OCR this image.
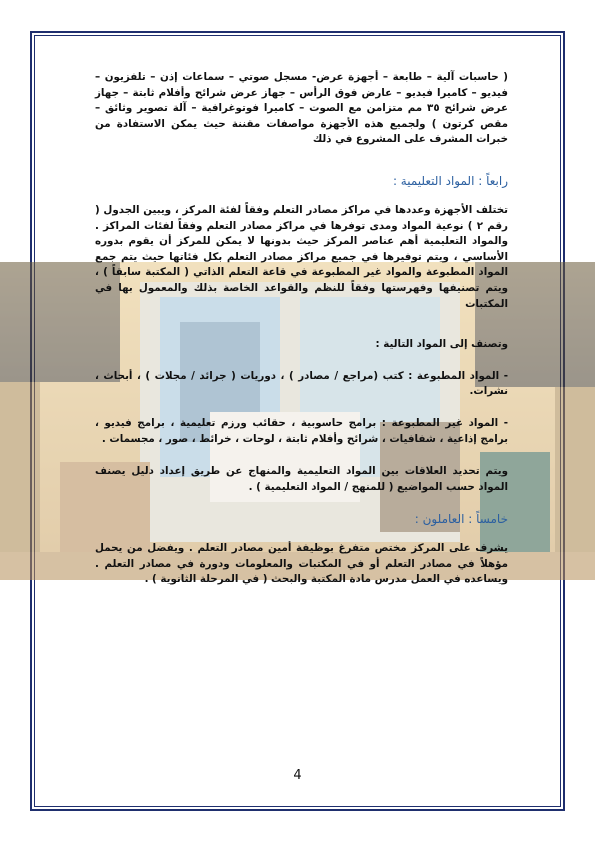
( حاسبات آلية – طابعة – أجهزة عرض- مسجل صوتي – سماعات إذن – تلفزيون – فيديو – كاميرا فيديو – عارض فوق الرأس – جهاز عرض شرائح وأفلام ثابتة – جهاز عرض شرائح ٣٥ مم متزامن مع الصوت – كاميرا فوتوغرافية – آلة تصوير وثائق – مقص كرتون ) ولجميع هذه الأجهزة مواصفات مقننة حيث يمكن الاستفادة من خبرات المشرف على المشروع في ذلك

رابعاً : المواد التعليمية :

تختلف الأجهزة وعددها في مراكز مصادر التعلم وفقاً لفئة المركز ، ويبين الجدول ( رقم ٢ ) نوعية المواد ومدى توفرها في مراكز مصادر التعلم وفقاً لفئات المراكز . والمواد التعليمية أهم عناصر المركز حيث بدونها لا يمكن للمركز أن يقوم بدوره الأساسي ، ويتم توفيرها في جميع مراكز مصادر التعلم بكل فئاتها حيث يتم جمع المواد المطبوعة والمواد غير المطبوعة في قاعة التعلم الذاتي ( المكتبة سابقاً ) ، ويتم تصنيفها وفهرستها وفقاً للنظم والقواعد الخاصة بذلك والمعمول بها في المكتبات

وتصنف إلى المواد التالية :

- المواد المطبوعة : كتب (مراجع / مصادر ) ، دوريات ( جرائد / مجلات ) ، أبحاث ، نشرات.

- المواد غير المطبوعة : برامج حاسوبية ، حقائب ورزم تعليمية ، برامج فيديو ، برامج إذاعية ، شفافيات ، شرائح وأفلام ثابتة ، لوحات ، خرائط ، صور ، مجسمات .

ويتم تحديد العلاقات بين المواد التعليمية والمنهاج عن طريق إعداد دليل يصنف المواد حسب المواضيع ( للمنهج / المواد التعليمية ) .

خامساً : العاملون :

يشرف على المركز مختص متفرغ بوظيفة أمين مصادر التعلم . ويفضل من يحمل مؤهلاً في مصادر التعلم أو في المكتبات والمعلومات ودورة في مصادر التعلم . ويساعده في العمل مدرس مادة المكتبة والبحث ( في المرحلة الثانوية ) .

4
